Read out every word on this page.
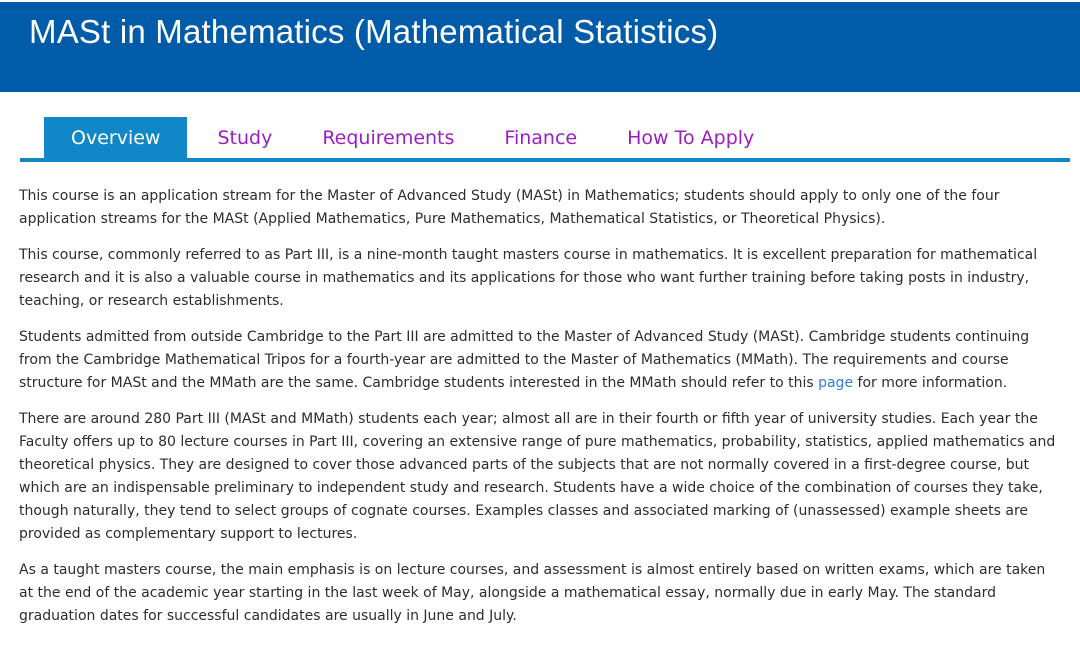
MASt in Mathematics (Mathematical Statistics)
Overview	Study	Requirements	Finance	How To Apply

This course is an application stream for the Master of Advanced Study (MASt) in Mathematics; students should apply to only one of the four application streams for the MASt (Applied Mathematics, Pure Mathematics, Mathematical Statistics, or Theoretical Physics).

This course, commonly referred to as Part III, is a nine-month taught masters course in mathematics. It is excellent preparation for mathematical research and it is also a valuable course in mathematics and its applications for those who want further training before taking posts in industry, teaching, or research establishments.

Students admitted from outside Cambridge to the Part III are admitted to the Master of Advanced Study (MASt). Cambridge students continuing from the Cambridge Mathematical Tripos for a fourth-year are admitted to the Master of Mathematics (MMath). The requirements and course structure for MASt and the MMath are the same. Cambridge students interested in the MMath should refer to this page for more information.

There are around 280 Part III (MASt and MMath) students each year; almost all are in their fourth or fifth year of university studies. Each year the Faculty offers up to 80 lecture courses in Part III, covering an extensive range of pure mathematics, probability, statistics, applied mathematics and theoretical physics. They are designed to cover those advanced parts of the subjects that are not normally covered in a first-degree course, but which are an indispensable preliminary to independent study and research. Students have a wide choice of the combination of courses they take, though naturally, they tend to select groups of cognate courses. Examples classes and associated marking of (unassessed) example sheets are provided as complementary support to lectures.

As a taught masters course, the main emphasis is on lecture courses, and assessment is almost entirely based on written exams, which are taken at the end of the academic year starting in the last week of May, alongside a mathematical essay, normally due in early May. The standard graduation dates for successful candidates are usually in June and July.
